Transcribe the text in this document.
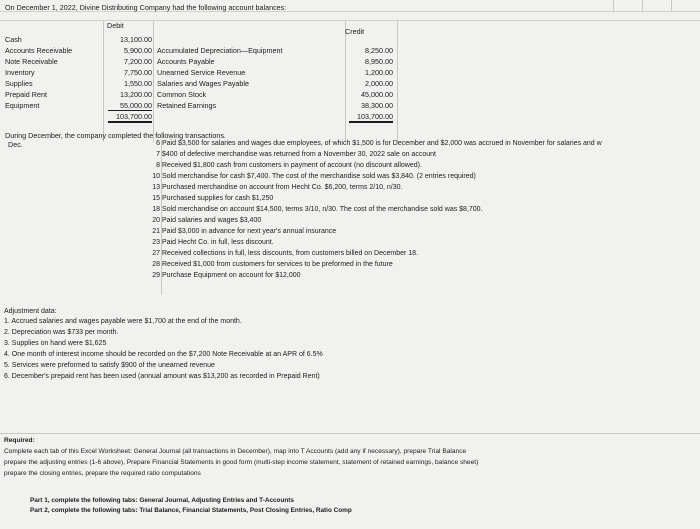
On December 1, 2022, Divine Distributing Company had the following account balances:
Debit
Credit
Cash	13,100.00
Accounts Receivable	5,900.00
Note Receivable	7,200.00
Inventory	7,750.00
Supplies	1,550.00
Prepaid Rent	13,200.00
Equipment	55,000.00
Accumulated Depreciation—Equipment	8,250.00
Accounts Payable	8,950.00
Unearned Service Revenue	1,200.00
Salaries and Wages Payable	2,000.00
Common Stock	45,000.00
Retained Earnings	38,300.00
103,700.00	103,700.00
During December, the company completed the following transactions.
Dec.	6 Paid $3,500 for salaries and wages due employees, of which $1,500 is for December and $2,000 was accrued in November for salaries and w
7 $400 of defective merchandise was returned from a November 30, 2022 sale on account
8 Received $1,800 cash from customers in payment of account (no discount allowed).
10 Sold merchandise for cash $7,400. The cost of the merchandise sold was $3,840. (2 entries required)
13 Purchased merchandise on account from Hecht Co. $6,200, terms 2/10, n/30.
15 Purchased supplies for cash $1,250
18 Sold merchandise on account $14,500, terms 3/10, n/30. The cost of the merchandise sold was $8,700.
20 Paid salaries and wages $3,400
21 Paid $3,000 in advance for next year's annual insurance
23 Paid Hecht Co. in full, less discount.
27 Received collections in full, less discounts, from customers billed on December 18.
28 Received $1,000 from customers for services to be preformed in the future
29 Purchase Equipment on account for $12,000
Adjustment data:
1. Accrued salaries and wages payable were $1,700 at the end of the month.
2. Depreciation was $733 per month.
3. Supplies on hand were $1,625
4. One month of interest income should be recorded on the $7,200 Note Receivable at an APR of 6.5%
5. Services were preformed to satisfy $900 of the unearned revenue
6. December's prepaid rent has been used (annual amount was $13,200 as recorded in Prepaid Rent)
Required:
Complete each tab of this Excel Worksheet: General Journal (all transactions in December), map into T Accounts (add any if necessary), prepare Trial Balance
prepare the adjusting entries (1-6 above), Prepare Financial Statements in good form (multi-step income statement, statement of retained earnings, balance sheet)
prepare the closing entries, prepare the required ratio computations
Part 1, complete the following tabs: General Journal, Adjusting Entries and T-Accounts
Part 2, complete the following tabs: Trial Balance, Financial Statements, Post Closing Entries, Ratio Comp
